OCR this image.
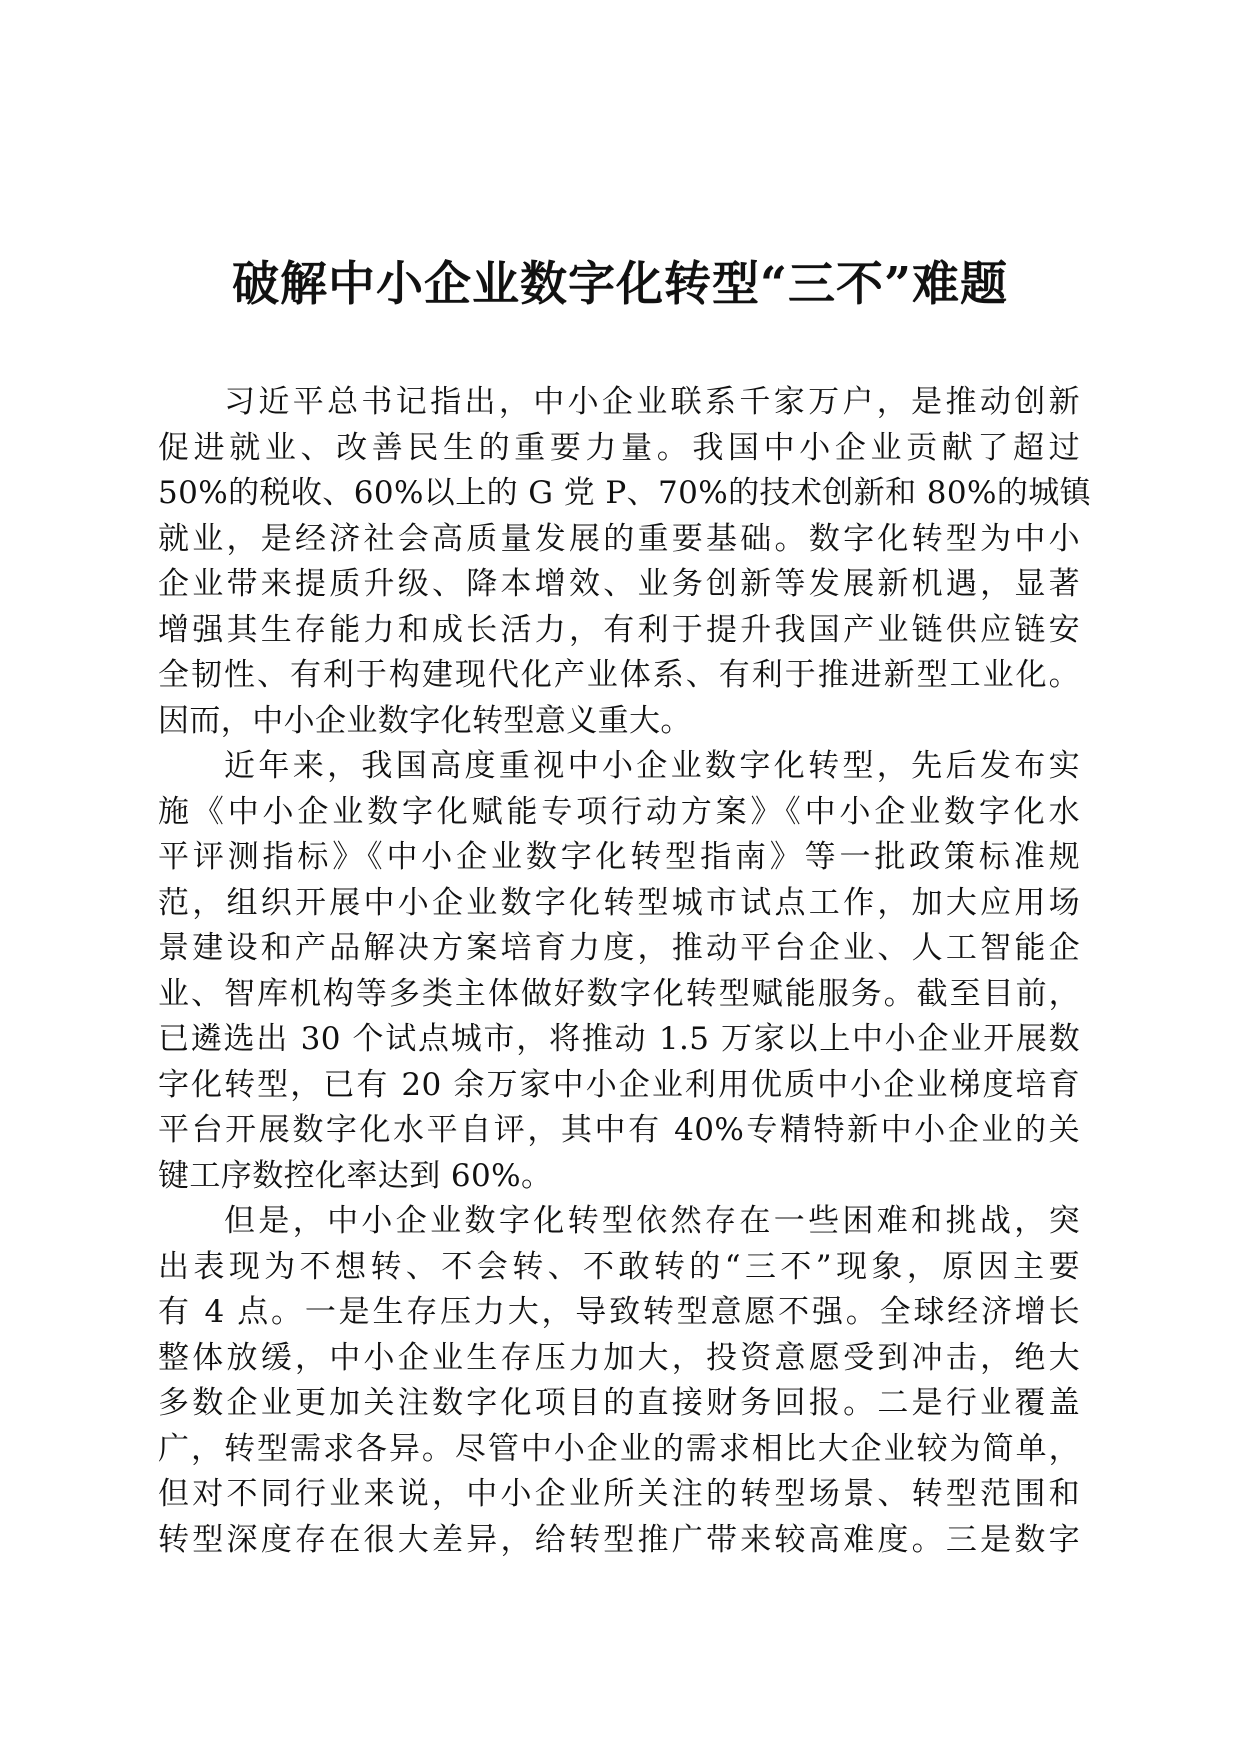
破解中小企业数字化转型“三不”难题
习近平总书记指出，中小企业联系千家万户，是推动创新
促进就业、改善民生的重要力量。我国中小企业贡献了超过
50%的税收、60%以上的 G 党 P、70%的技术创新和 80%的城镇
就业，是经济社会高质量发展的重要基础。数字化转型为中小
企业带来提质升级、降本增效、业务创新等发展新机遇，显著
增强其生存能力和成长活力，有利于提升我国产业链供应链安
全韧性、有利于构建现代化产业体系、有利于推进新型工业化。
因而，中小企业数字化转型意义重大。
近年来，我国高度重视中小企业数字化转型，先后发布实
施《中小企业数字化赋能专项行动方案》《中小企业数字化水
平评测指标》《中小企业数字化转型指南》等一批政策标准规
范，组织开展中小企业数字化转型城市试点工作，加大应用场
景建设和产品解决方案培育力度，推动平台企业、人工智能企
业、智库机构等多类主体做好数字化转型赋能服务。截至目前，
已遴选出 30 个试点城市，将推动 1.5 万家以上中小企业开展数
字化转型，已有 20 余万家中小企业利用优质中小企业梯度培育
平台开展数字化水平自评，其中有 40%专精特新中小企业的关
键工序数控化率达到 60%。
但是，中小企业数字化转型依然存在一些困难和挑战，突
出表现为不想转、不会转、不敢转的“三不”现象，原因主要
有 4 点。一是生存压力大，导致转型意愿不强。全球经济增长
整体放缓，中小企业生存压力加大，投资意愿受到冲击，绝大
多数企业更加关注数字化项目的直接财务回报。二是行业覆盖
广，转型需求各异。尽管中小企业的需求相比大企业较为简单，
但对不同行业来说，中小企业所关注的转型场景、转型范围和
转型深度存在很大差异，给转型推广带来较高难度。三是数字
